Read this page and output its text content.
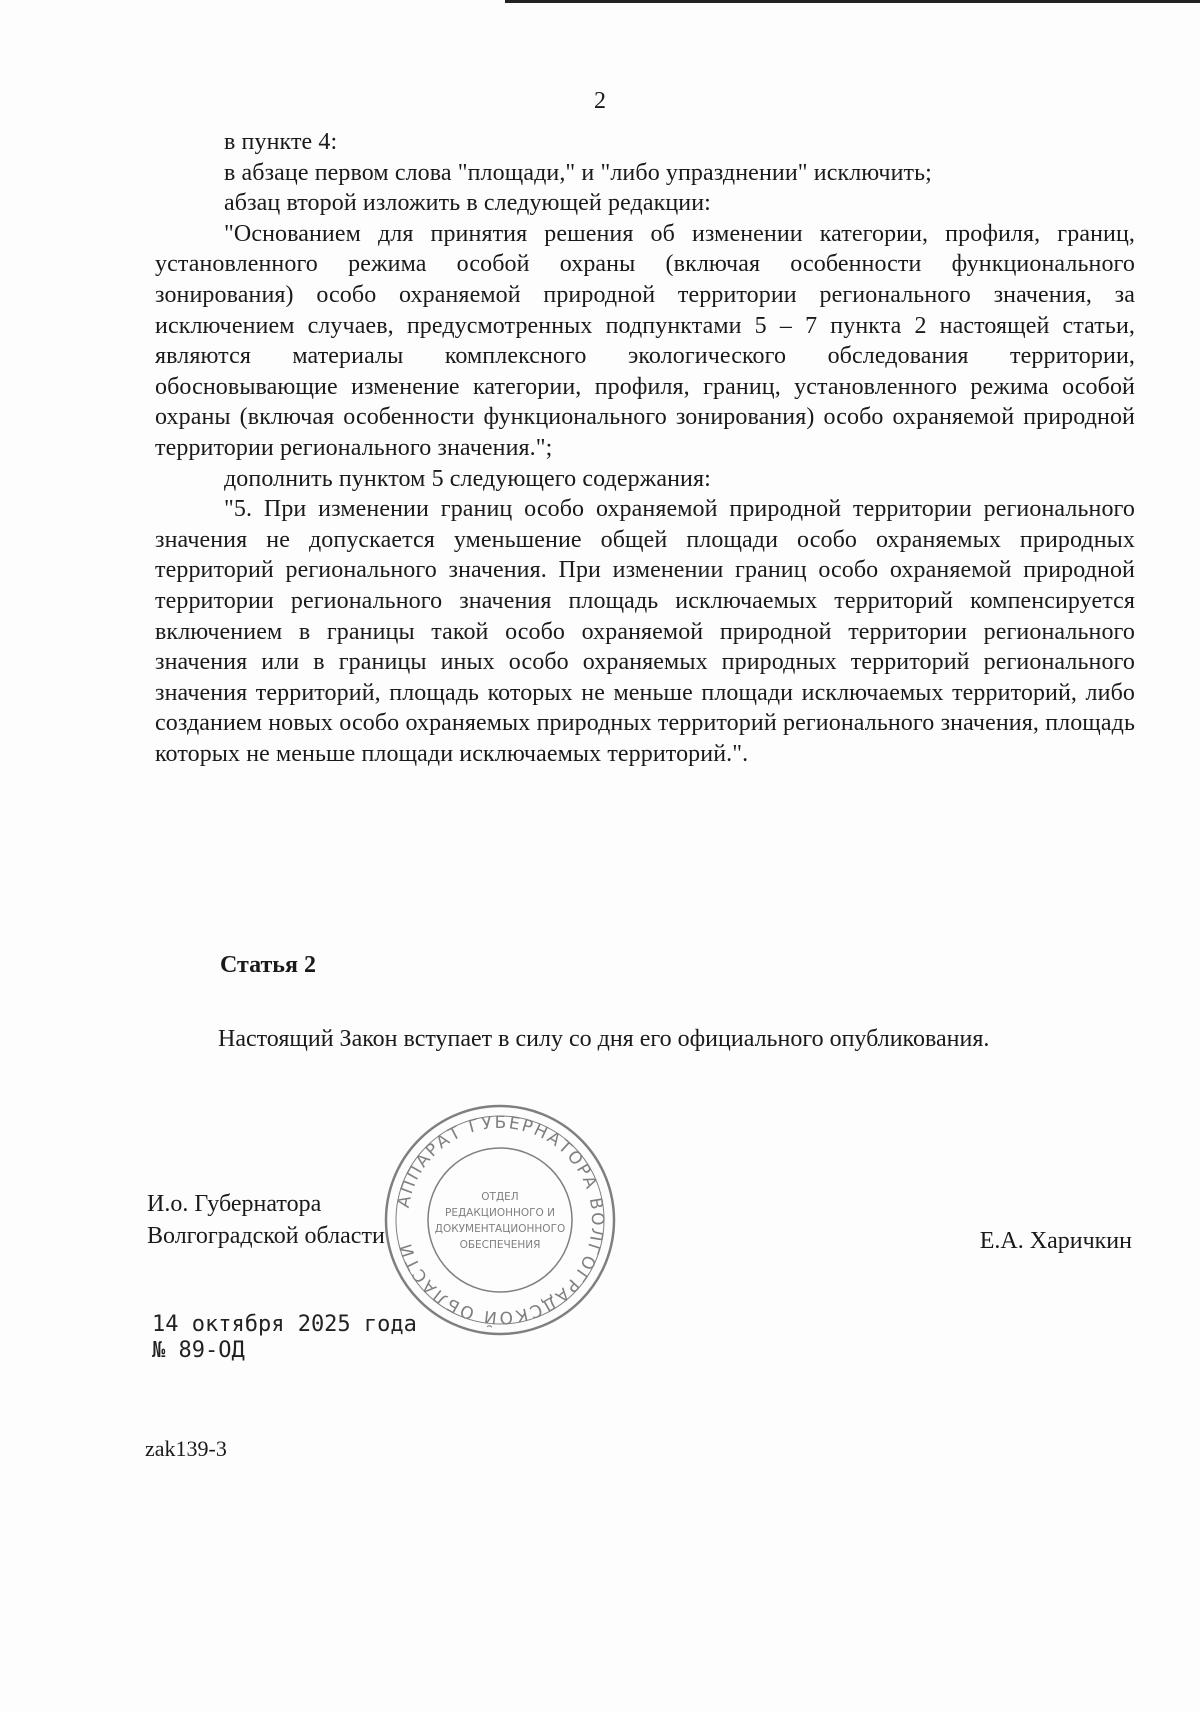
2

в пункте 4:

в абзаце первом слова "площади," и "либо упразднении" исключить;

абзац второй изложить в следующей редакции:

"Основанием для принятия решения об изменении категории, профиля, границ, установленного режима особой охраны (включая особенности функционального зонирования) особо охраняемой природной территории регионального значения, за исключением случаев, предусмотренных подпунктами 5 – 7 пункта 2 настоящей статьи, являются материалы комплексного экологического обследования территории, обосновывающие изменение категории, профиля, границ, установленного режима особой охраны (включая особенности функционального зонирования) особо охраняемой природной территории регионального значения.";

дополнить пунктом 5 следующего содержания:

"5. При изменении границ особо охраняемой природной территории регионального значения не допускается уменьшение общей площади особо охраняемых природных территорий регионального значения. При изменении границ особо охраняемой природной территории регионального значения площадь исключаемых территорий компенсируется включением в границы такой особо охраняемой природной территории регионального значения или в границы иных особо охраняемых природных территорий регионального значения территорий, площадь которых не меньше площади исключаемых территорий, либо созданием новых особо охраняемых природных территорий регионального значения, площадь которых не меньше площади исключаемых территорий.".

Статья 2
Настоящий Закон вступает в силу со дня его официального опубликования.
И.о. Губернатора
Волгоградской области
АППАРАТ ГУБЕРНАТОРА ВОЛГОГРАДСКОЙ ОБЛАСТИ
ОТДЕЛ
РЕДАКЦИОННОГО И
ДОКУМЕНТАЦИОННОГО
ОБЕСПЕЧЕНИЯ	Е.А. Харичкин
14 октября 2025 года
№ 89-ОД
zak139-3
